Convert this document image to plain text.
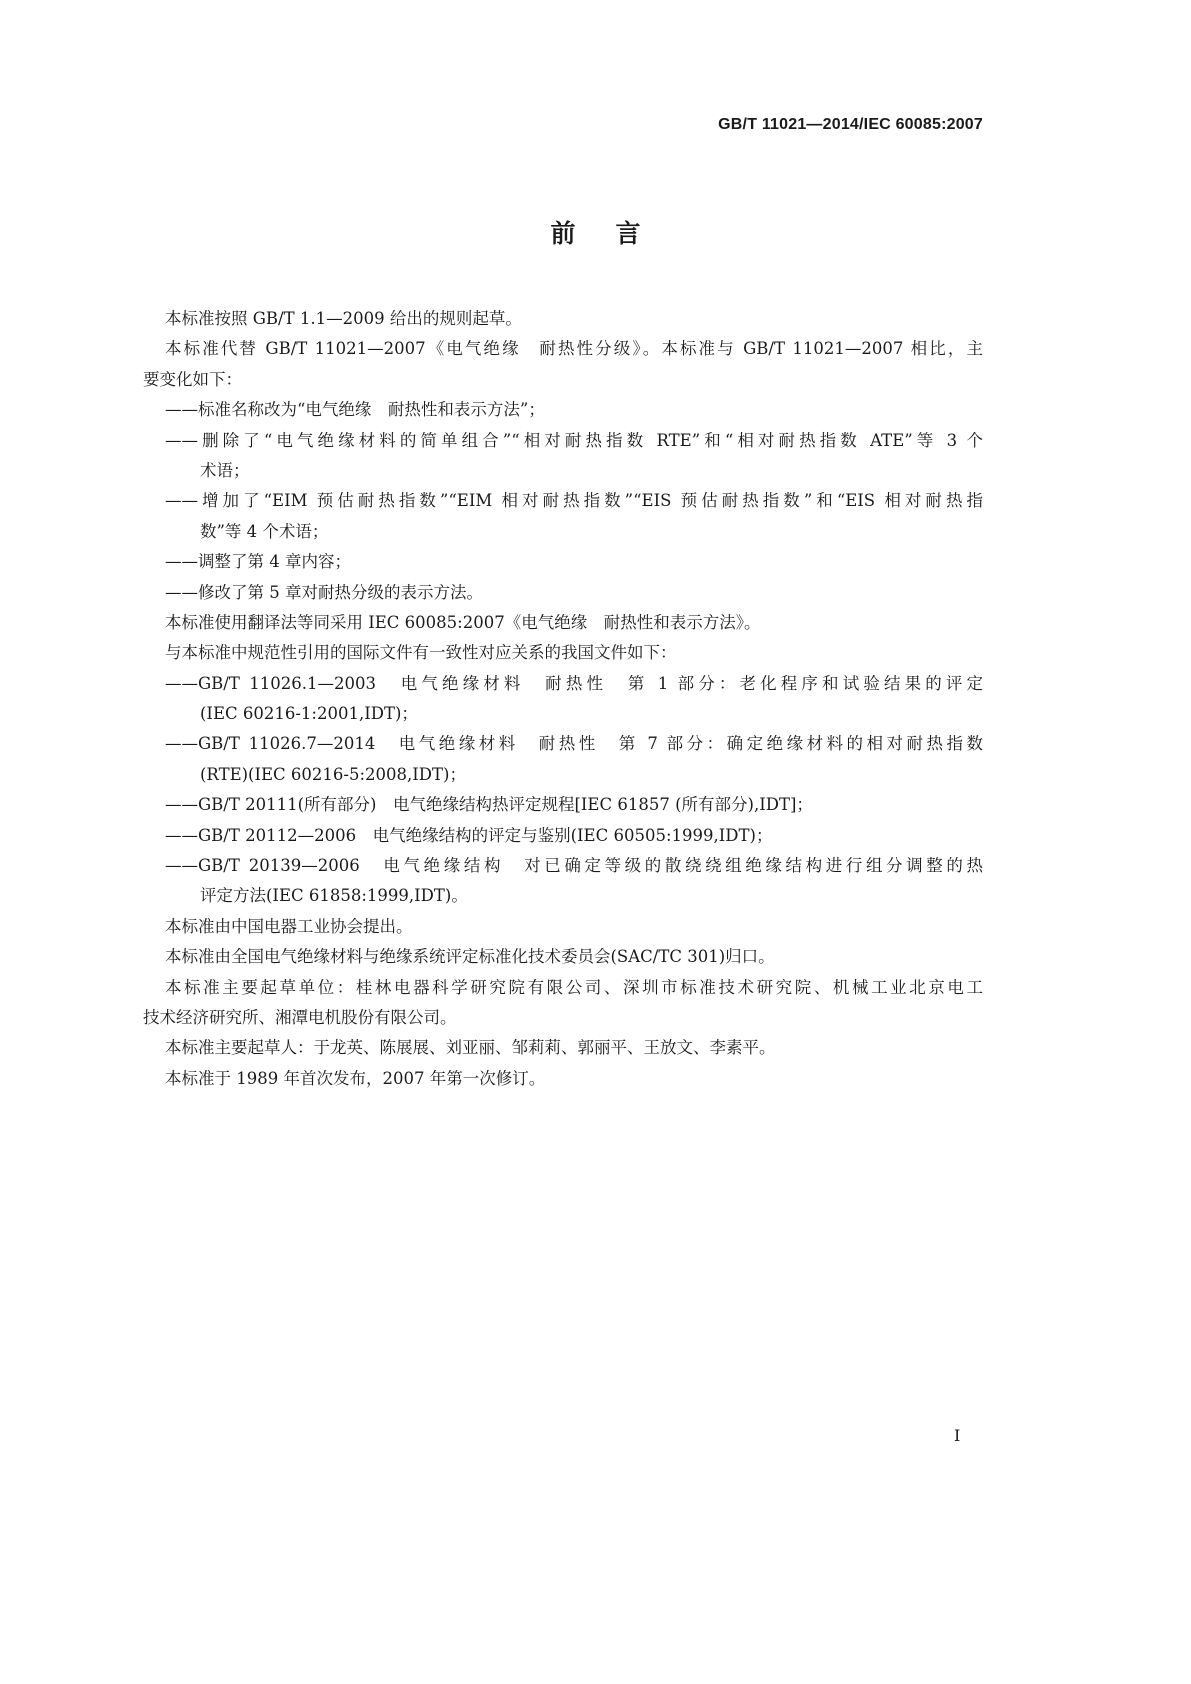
GB/T 11021—2014/IEC 60085:2007
前言
本标准按照 GB/T 1.1—2009 给出的规则起草。
本标准代替 GB/T 11021—2007《电气绝缘　耐热性分级》。本标准与 GB/T 11021—2007 相比，主
要变化如下：
——标准名称改为“电气绝缘　耐热性和表示方法”；
——删除了“电气绝缘材料的简单组合”“相对耐热指数 RTE”和“相对耐热指数 ATE”等 3 个
术语；
——增加了“EIM 预估耐热指数”“EIM 相对耐热指数”“EIS 预估耐热指数”和“EIS 相对耐热指
数”等 4 个术语；
——调整了第 4 章内容；
——修改了第 5 章对耐热分级的表示方法。
本标准使用翻译法等同采用 IEC 60085:2007《电气绝缘　耐热性和表示方法》。
与本标准中规范性引用的国际文件有一致性对应关系的我国文件如下：
——GB/T 11026.1—2003　电气绝缘材料　耐热性　第 1 部分：老化程序和试验结果的评定
(IEC 60216-1:2001,IDT)；
——GB/T 11026.7—2014　电气绝缘材料　耐热性　第 7 部分：确定绝缘材料的相对耐热指数
(RTE)(IEC 60216-5:2008,IDT)；
——GB/T 20111(所有部分)　电气绝缘结构热评定规程[IEC 61857 (所有部分),IDT]；
——GB/T 20112—2006　电气绝缘结构的评定与鉴别(IEC 60505:1999,IDT)；
——GB/T 20139—2006　电气绝缘结构　对已确定等级的散绕绕组绝缘结构进行组分调整的热
评定方法(IEC 61858:1999,IDT)。
本标准由中国电器工业协会提出。
本标准由全国电气绝缘材料与绝缘系统评定标准化技术委员会(SAC/TC 301)归口。
本标准主要起草单位：桂林电器科学研究院有限公司、深圳市标准技术研究院、机械工业北京电工
技术经济研究所、湘潭电机股份有限公司。
本标准主要起草人：于龙英、陈展展、刘亚丽、邹莉莉、郭丽平、王放文、李素平。
本标准于 1989 年首次发布，2007 年第一次修订。
I
